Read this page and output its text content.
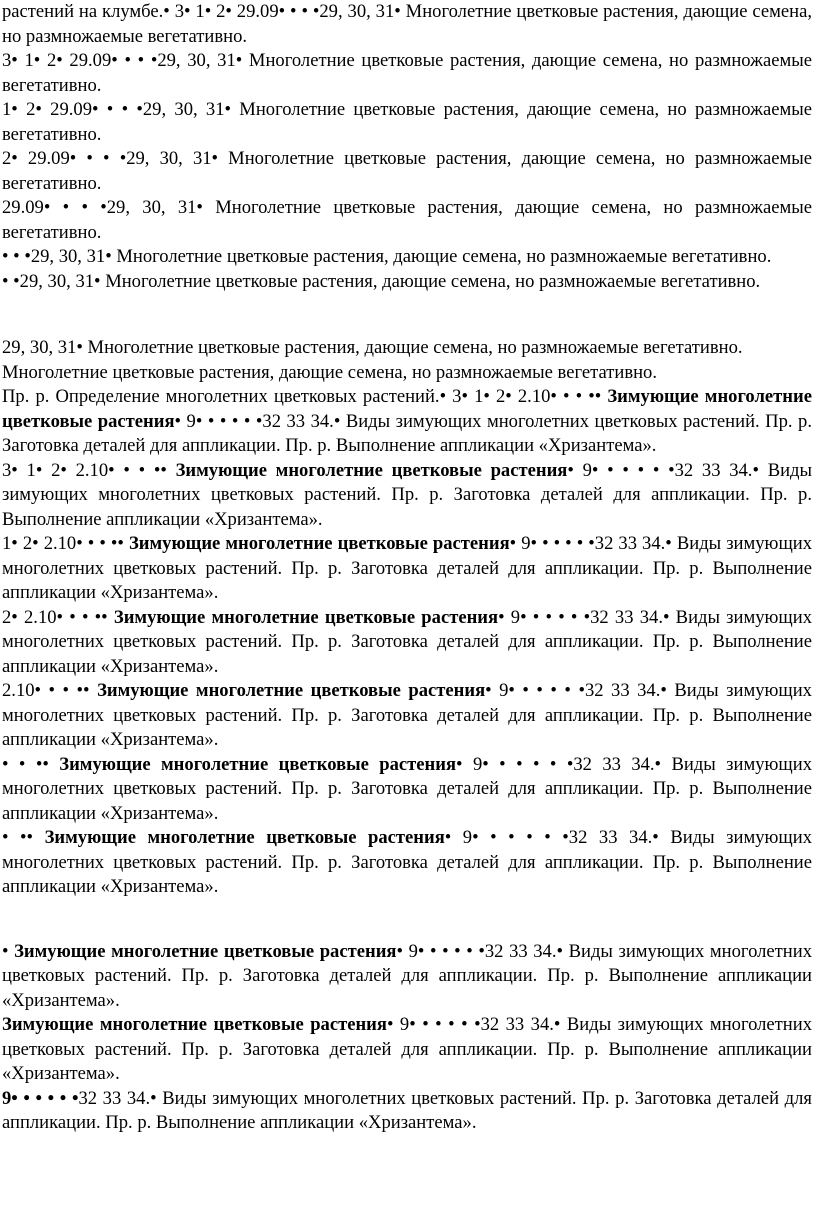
растений на клумбе.• 3• 1• 2• 29.09• • • •29, 30, 31• Многолетние цветковые растения, дающие семена, но размножаемые вегетативно.

3• 1• 2• 29.09• • • •29, 30, 31• Многолетние цветковые растения, дающие семена, но размножаемые вегетативно.

1• 2• 29.09• • • •29, 30, 31• Многолетние цветковые растения, дающие семена, но размножаемые вегетативно.

2• 29.09• • • •29, 30, 31• Многолетние цветковые растения, дающие семена, но размножаемые вегетативно.

29.09• • • •29, 30, 31• Многолетние цветковые растения, дающие семена, но размножаемые вегетативно.

• • •29, 30, 31• Многолетние цветковые растения, дающие семена, но размножаемые вегетативно.

• •29, 30, 31• Многолетние цветковые растения, дающие семена, но размножаемые вегетативно.

29, 30, 31• Многолетние цветковые растения, дающие семена, но размножаемые вегетативно.

Многолетние цветковые растения, дающие семена, но размножаемые вегетативно.

Пр. р. Определение многолетних цветковых растений.• 3• 1• 2• 2.10• • • •• Зимующие многолетние цветковые растения• 9• • • • • •32 33 34.• Виды зимующих многолетних цветковых растений. Пр. р. Заготовка деталей для аппликации. Пр. р. Выполнение аппликации «Хризантема».

3• 1• 2• 2.10• • • •• Зимующие многолетние цветковые растения• 9• • • • • •32 33 34.• Виды зимующих многолетних цветковых растений. Пр. р. Заготовка деталей для аппликации. Пр. р. Выполнение аппликации «Хризантема».

1• 2• 2.10• • • •• Зимующие многолетние цветковые растения• 9• • • • • •32 33 34.• Виды зимующих многолетних цветковых растений. Пр. р. Заготовка деталей для аппликации. Пр. р. Выполнение аппликации «Хризантема».

2• 2.10• • • •• Зимующие многолетние цветковые растения• 9• • • • • •32 33 34.• Виды зимующих многолетних цветковых растений. Пр. р. Заготовка деталей для аппликации. Пр. р. Выполнение аппликации «Хризантема».

2.10• • • •• Зимующие многолетние цветковые растения• 9• • • • • •32 33 34.• Виды зимующих многолетних цветковых растений. Пр. р. Заготовка деталей для аппликации. Пр. р. Выполнение аппликации «Хризантема».

• • •• Зимующие многолетние цветковые растения• 9• • • • • •32 33 34.• Виды зимующих многолетних цветковых растений. Пр. р. Заготовка деталей для аппликации. Пр. р. Выполнение аппликации «Хризантема».

• •• Зимующие многолетние цветковые растения• 9• • • • • •32 33 34.• Виды зимующих многолетних цветковых растений. Пр. р. Заготовка деталей для аппликации. Пр. р. Выполнение аппликации «Хризантема».

• Зимующие многолетние цветковые растения• 9• • • • • •32 33 34.• Виды зимующих многолетних цветковых растений. Пр. р. Заготовка деталей для аппликации. Пр. р. Выполнение аппликации «Хризантема».

Зимующие многолетние цветковые растения• 9• • • • • •32 33 34.• Виды зимующих многолетних цветковых растений. Пр. р. Заготовка деталей для аппликации. Пр. р. Выполнение аппликации «Хризантема».

9• • • • • •32 33 34.• Виды зимующих многолетних цветковых растений. Пр. р. Заготовка деталей для аппликации. Пр. р. Выполнение аппликации «Хризантема».
